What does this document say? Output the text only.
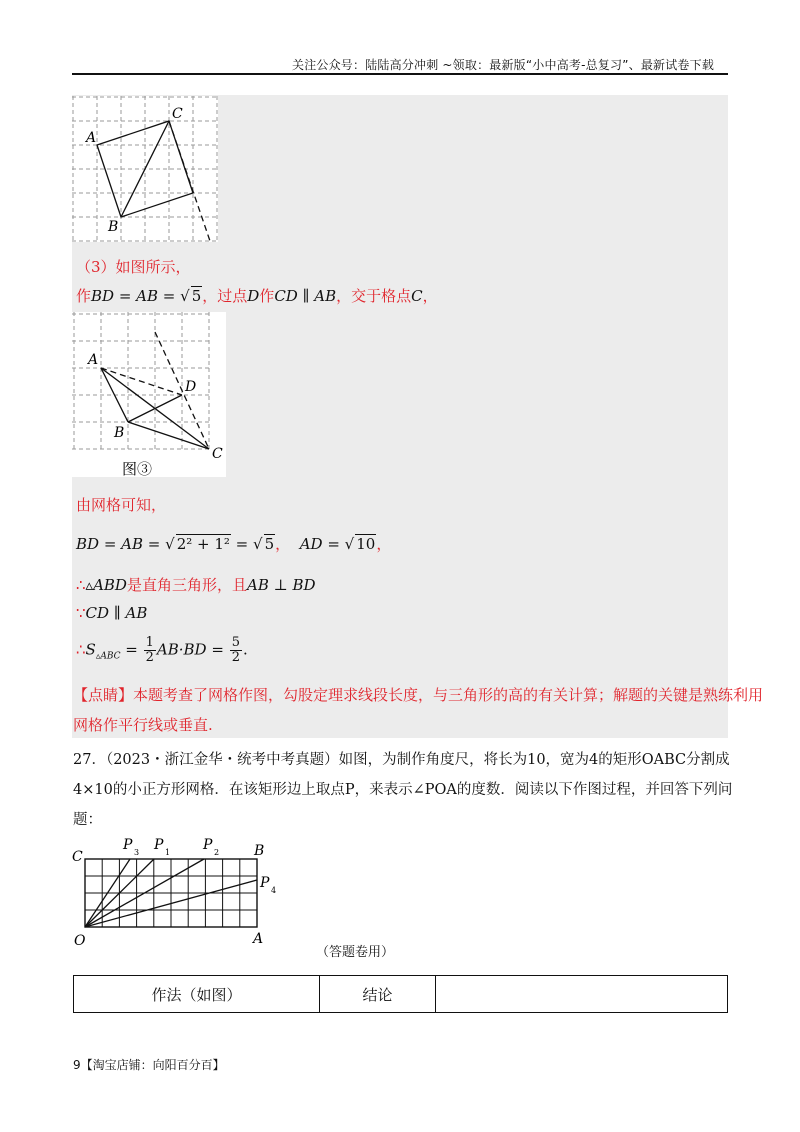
关注公众号：陆陆高分冲刺 ~领取：最新版“小中高考-总复习”、最新试卷下载
A
C
B
（3）如图所示，
作BD = AB = √ 5，过点D作CD ∥ AB，交于格点C，
A
D
B
C
图③
由网格可知，
BD = AB = √ 2² + 1² = √ 5， AD = √ 10，
∴▵ABD是直角三角形，且AB ⊥ BD
∵CD ∥ AB
$\therefore S_{▵ABC} = \frac{1}{2} AB\cdot BD = \frac{5}{2}$ .
【点睛】本题考查了网格作图，勾股定理求线段长度，与三角形的高的有关计算；解题的关键是熟练利用
网格作平行线或垂直.
27．（2023・浙江金华・统考中考真题）如图，为制作角度尺，将长为10，宽为4的矩形OABC分割成
4×10的小正方形网格．在该矩形边上取点P，来表示∠POA的度数．阅读以下作图过程，并回答下列问
题：
C	B
O	A
P 3 P 1 P 2
P 4
（答题卷用）
作法（如图）	结论	
9【淘宝店铺：向阳百分百】
